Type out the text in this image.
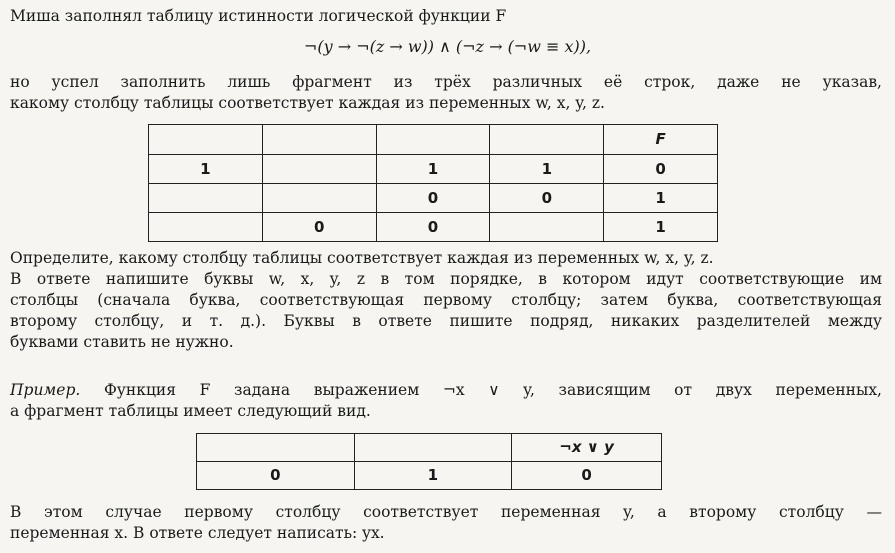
Миша заполнял таблицу истинности логической функции F

¬(y → ¬(z → w)) ∧ (¬z → (¬w ≡ x)),

но успел заполнить лишь фрагмент из трёх различных её строк, даже не указав,
какому столбцу таблицы соответствует каждая из переменных w, x, y, z.

				F
1		1	1	0
		0	0	1
	0	0		1

Определите, какому столбцу таблицы соответствует каждая из переменных w, x, y, z.
В ответе напишите буквы w, x, y, z в том порядке, в котором идут соответствующие им
столбцы (сначала буква, соответствующая первому столбцу; затем буква, соответствующая
второму столбцу, и т. д.). Буквы в ответе пишите подряд, никаких разделителей между
буквами ставить не нужно.

Пример. Функция F задана выражением ¬x ∨ y, зависящим от двух переменных,
а фрагмент таблицы имеет следующий вид.

		¬x ∨ y
0	1	0

В этом случае первому столбцу соответствует переменная y, а второму столбцу —
переменная x. В ответе следует написать: yx.
